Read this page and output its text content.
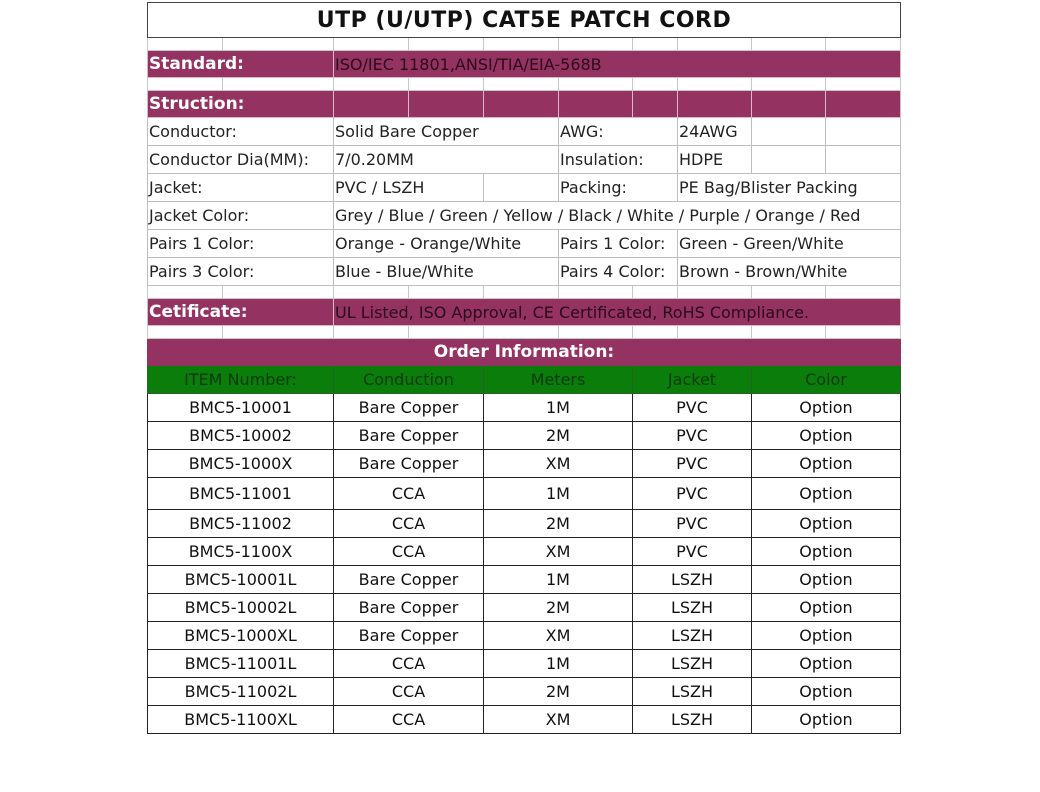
UTP (U/UTP) CAT5E PATCH CORD									

Standard:		ISO/IEC 11801,ANSI/TIA/EIA-568B							

Struction:									
Conductor:		Solid Bare Copper			AWG:		24AWG		
Conductor Dia(MM):		7/0.20MM			Insulation:		HDPE		
Jacket:		PVC / LSZH			Packing:		PE Bag/Blister Packing		
Jacket Color:		Grey / Blue / Green / Yellow / Black / White / Purple / Orange / Red							
Pairs 1 Color:		Orange - Orange/White			Pairs 1 Color:		Green - Green/White		
Pairs 3 Color:		Blue - Blue/White			Pairs 4 Color:		Brown - Brown/White		

Cetificate:		UL Listed, ISO Approval, CE Certificated, RoHS Compliance.							

Order Information:									
ITEM Number:		Conduction		Meters		Jacket		Color	
BMC5-10001		Bare Copper		1M		PVC		Option	
BMC5-10002		Bare Copper		2M		PVC		Option	
BMC5-1000X		Bare Copper		XM		PVC		Option	
BMC5-11001		CCA		1M		PVC		Option	
BMC5-11002		CCA		2M		PVC		Option	
BMC5-1100X		CCA		XM		PVC		Option	
BMC5-10001L		Bare Copper		1M		LSZH		Option	
BMC5-10002L		Bare Copper		2M		LSZH		Option	
BMC5-1000XL		Bare Copper		XM		LSZH		Option	
BMC5-11001L		CCA		1M		LSZH		Option	
BMC5-11002L		CCA		2M		LSZH		Option	
BMC5-1100XL		CCA		XM		LSZH		Option	
